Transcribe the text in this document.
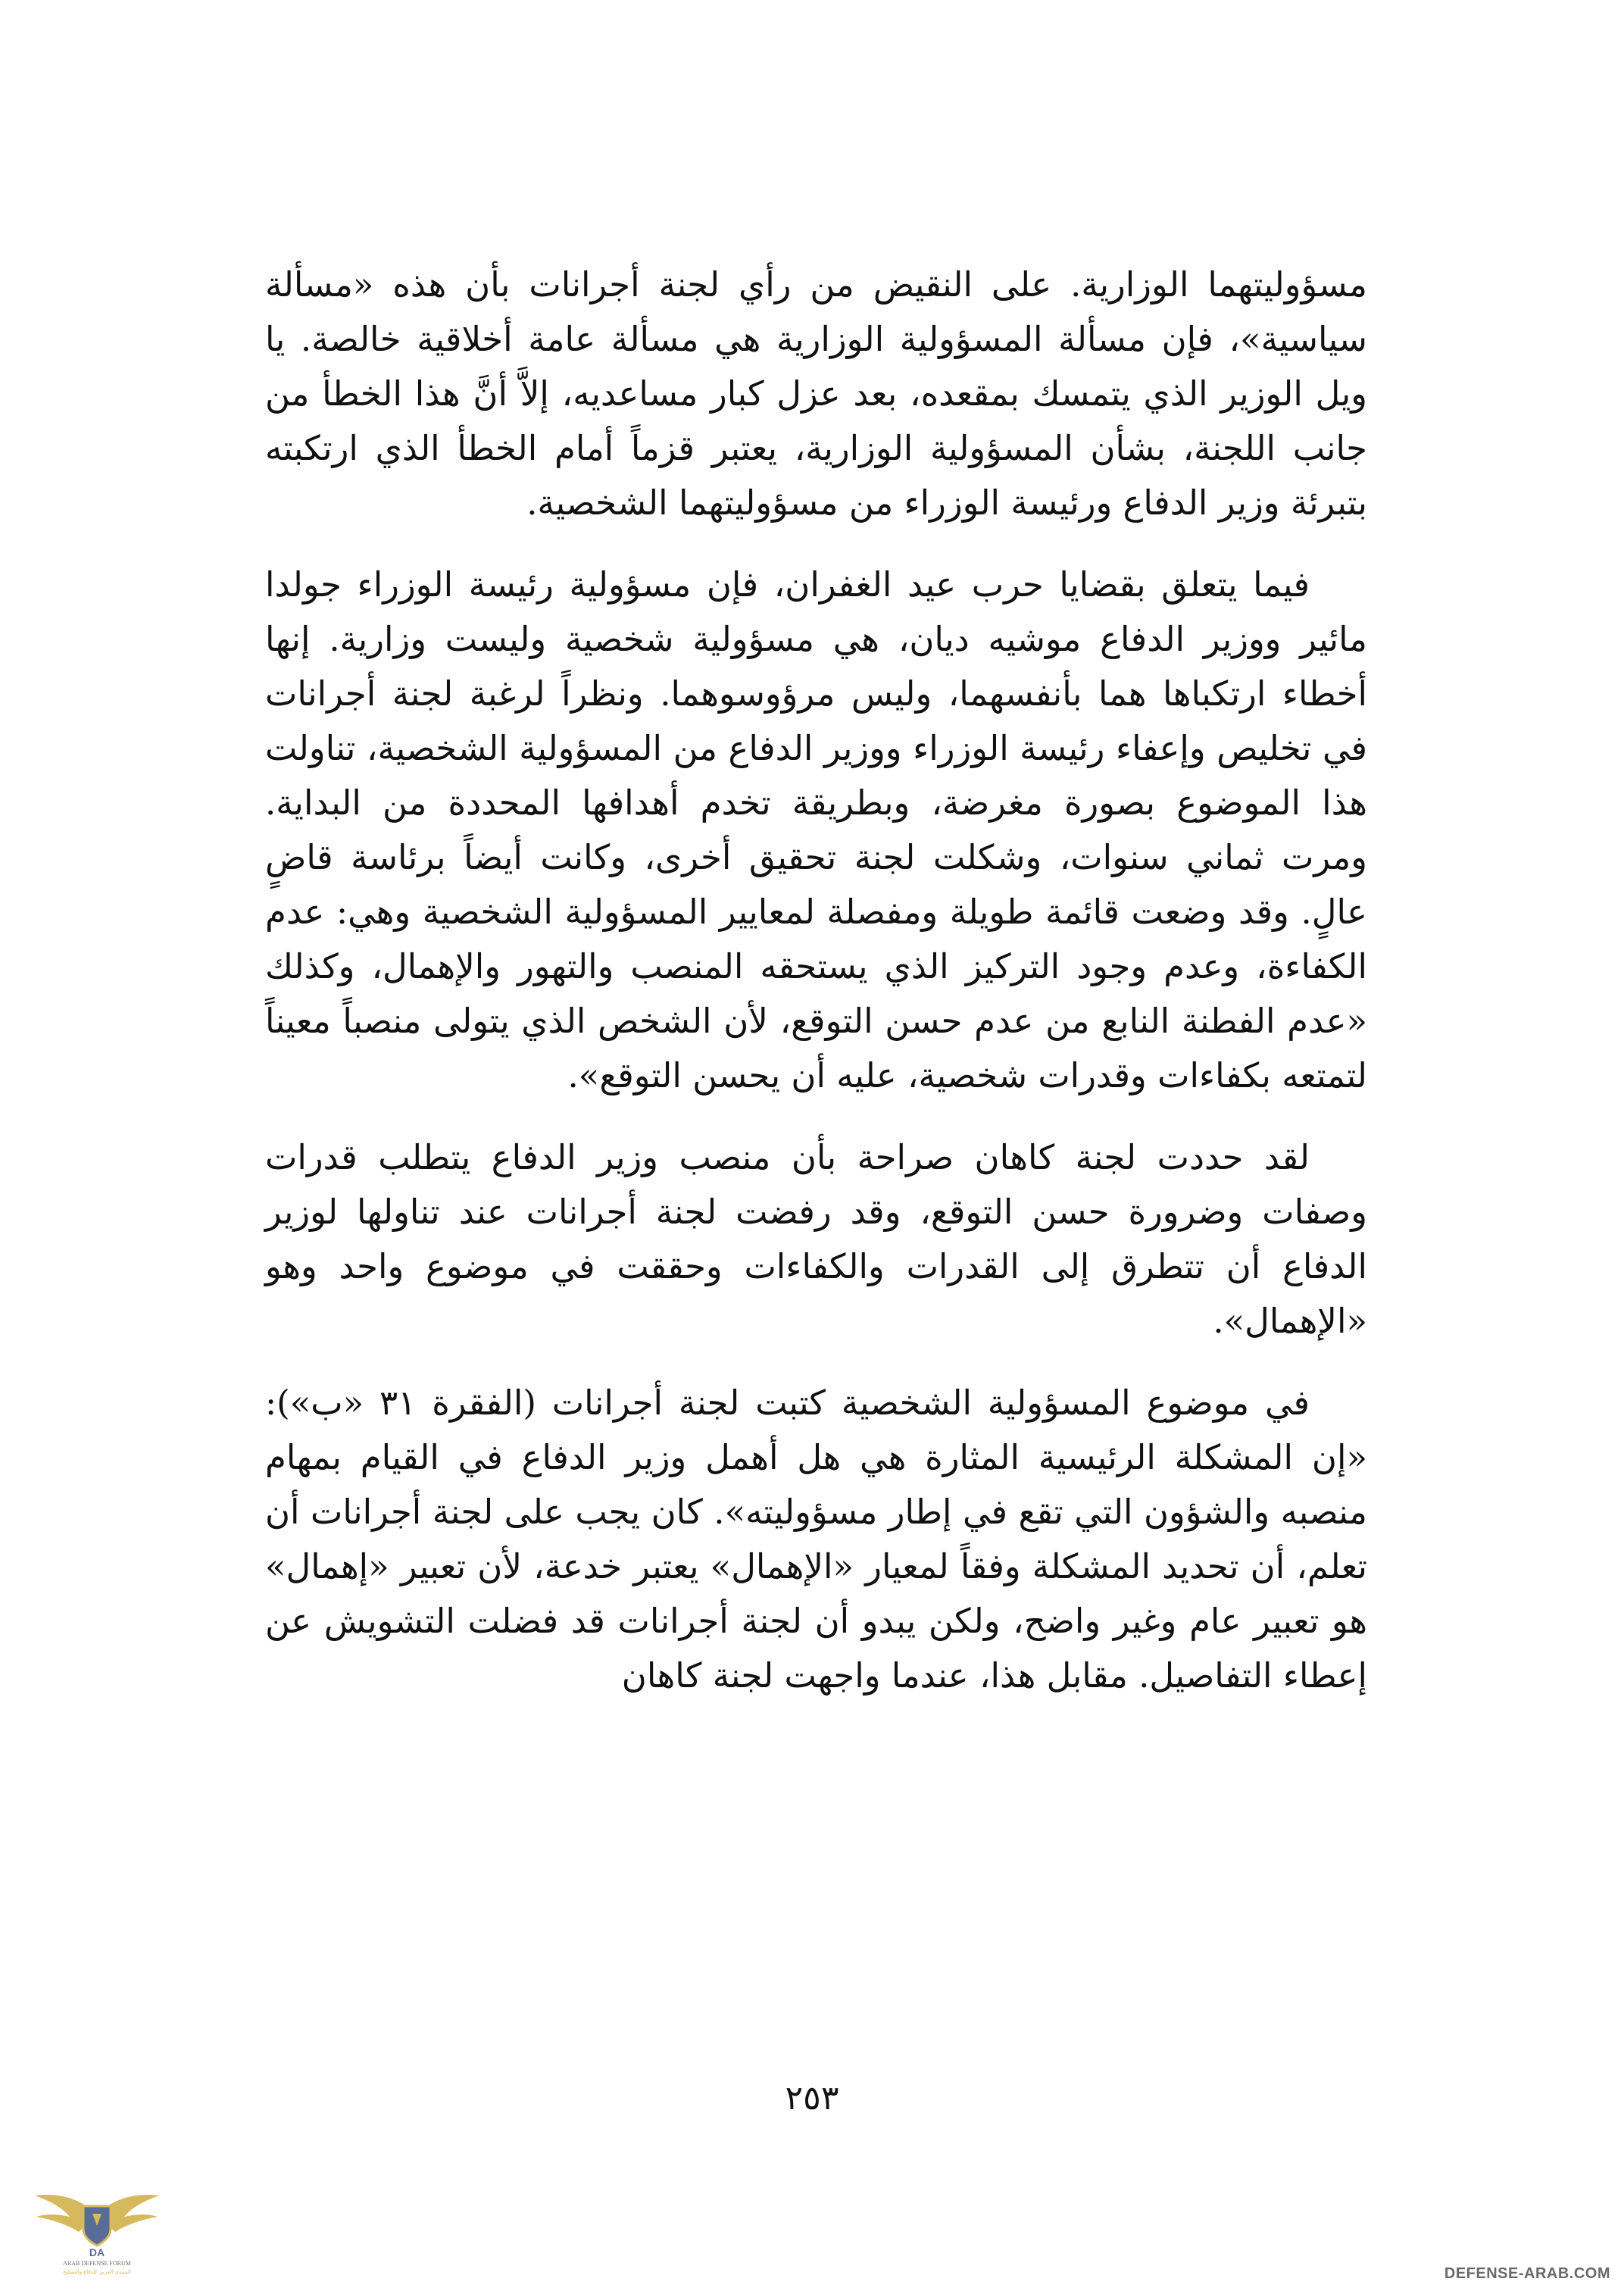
مسؤوليتهما الوزارية. على النقيض من رأي لجنة أجرانات بأن هذه «مسألة سياسية»، فإن مسألة المسؤولية الوزارية هي مسألة عامة أخلاقية خالصة. يا ويل الوزير الذي يتمسك بمقعده، بعد عزل كبار مساعديه، إلاَّ أنَّ هذا الخطأ من جانب اللجنة، بشأن المسؤولية الوزارية، يعتبر قزماً أمام الخطأ الذي ارتكبته بتبرئة وزير الدفاع ورئيسة الوزراء من مسؤوليتهما الشخصية.

فيما يتعلق بقضايا حرب عيد الغفران، فإن مسؤولية رئيسة الوزراء جولدا مائير ووزير الدفاع موشيه ديان، هي مسؤولية شخصية وليست وزارية. إنها أخطاء ارتكباها هما بأنفسهما، وليس مرؤوسوهما. ونظراً لرغبة لجنة أجرانات في تخليص وإعفاء رئيسة الوزراء ووزير الدفاع من المسؤولية الشخصية، تناولت هذا الموضوع بصورة مغرضة، وبطريقة تخدم أهدافها المحددة من البداية. ومرت ثماني سنوات، وشكلت لجنة تحقيق أخرى، وكانت أيضاً برئاسة قاضٍ عالٍ. وقد وضعت قائمة طويلة ومفصلة لمعايير المسؤولية الشخصية وهي: عدم الكفاءة، وعدم وجود التركيز الذي يستحقه المنصب والتهور والإهمال، وكذلك «عدم الفطنة النابع من عدم حسن التوقع، لأن الشخص الذي يتولى منصباً معيناً لتمتعه بكفاءات وقدرات شخصية، عليه أن يحسن التوقع».

لقد حددت لجنة كاهان صراحة بأن منصب وزير الدفاع يتطلب قدرات وصفات وضرورة حسن التوقع، وقد رفضت لجنة أجرانات عند تناولها لوزير الدفاع أن تتطرق إلى القدرات والكفاءات وحققت في موضوع واحد وهو «الإهمال».

في موضوع المسؤولية الشخصية كتبت لجنة أجرانات (الفقرة ٣١ «ب»): «إن المشكلة الرئيسية المثارة هي هل أهمل وزير الدفاع في القيام بمهام منصبه والشؤون التي تقع في إطار مسؤوليته». كان يجب على لجنة أجرانات أن تعلم، أن تحديد المشكلة وفقاً لمعيار «الإهمال» يعتبر خدعة، لأن تعبير «إهمال» هو تعبير عام وغير واضح، ولكن يبدو أن لجنة أجرانات قد فضلت التشويش عن إعطاء التفاصيل. مقابل هذا، عندما واجهت لجنة كاهان

٢٥٣
DA
ARAB DEFENSE FORUM
المنتدى العربي للدفاع والتسليح	DEFENSE-ARAB.COM
